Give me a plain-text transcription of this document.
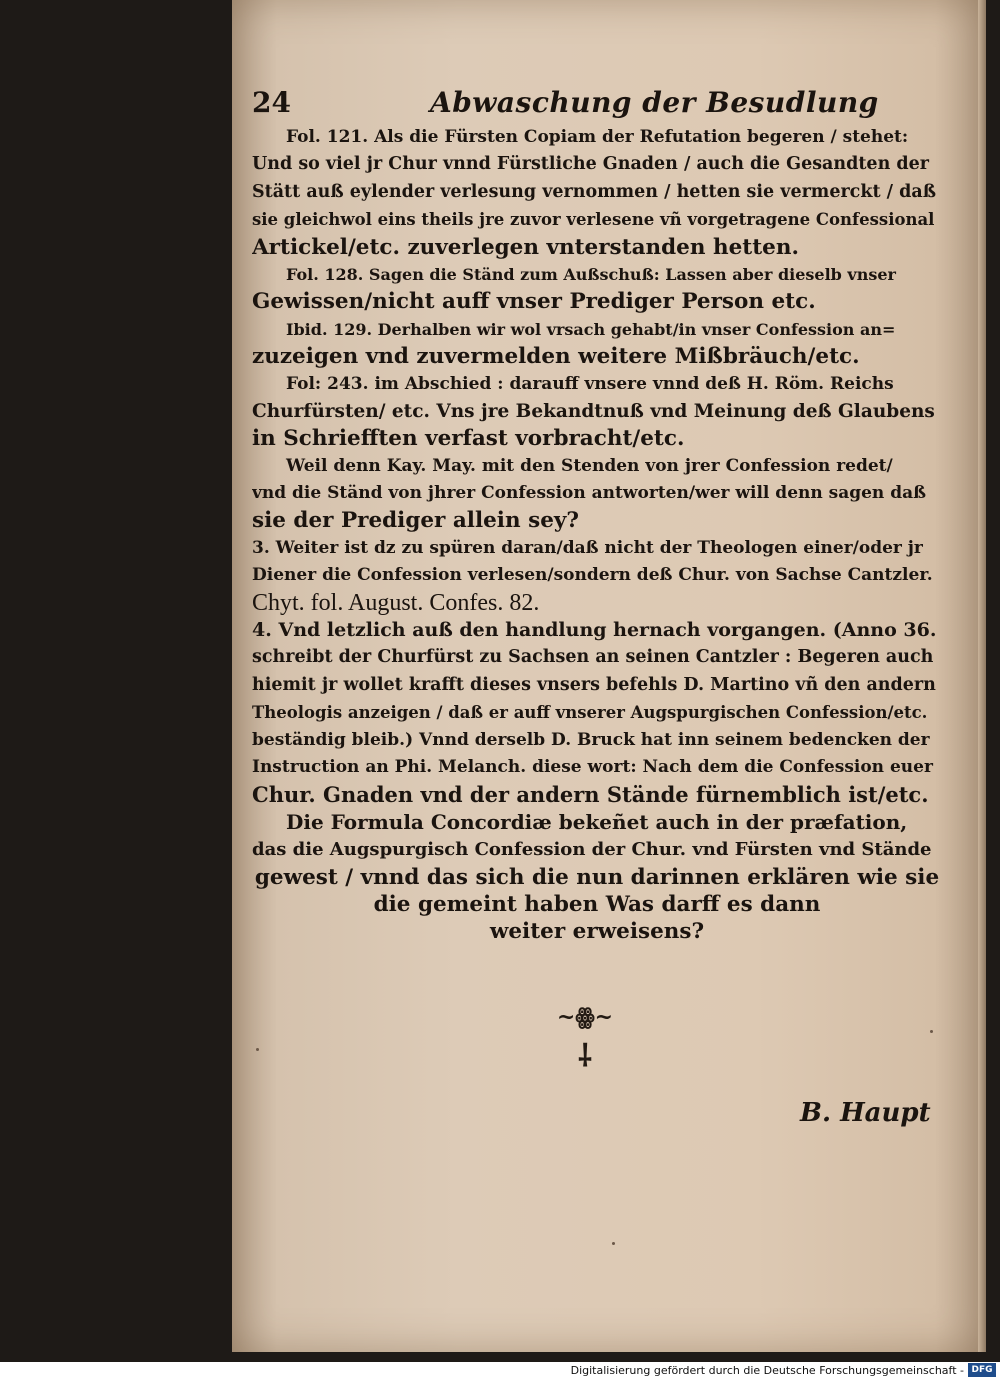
24	Abwaschung der Besudlung
Fol. 121. Als die Fürsten Copiam der Refutation begeren / stehet:
Und so viel jr Chur vnnd Fürstliche Gnaden / auch die Gesandten der
Stätt auß eylender verlesung vernommen / hetten sie vermerckt / daß
sie gleichwol eins theils jre zuvor verlesene vñ vorgetragene Confessional
Artickel/etc. zuverlegen vnterstanden hetten.
Fol. 128. Sagen die Ständ zum Außschuß: Lassen aber dieselb vnser
Gewissen/nicht auff vnser Prediger Person etc.
Ibid. 129. Derhalben wir wol vrsach gehabt/in vnser Confession an=
zuzeigen vnd zuvermelden weitere Mißbräuch/etc.
Fol: 243. im Abschied : darauff vnsere vnnd deß H. Röm. Reichs
Churfürsten/ etc. Vns jre Bekandtnuß vnd Meinung deß Glaubens
in Schriefften verfast vorbracht/etc.
Weil denn Kay. May. mit den Stenden von jrer Confession redet/
vnd die Ständ von jhrer Confession antworten/wer will denn sagen daß
sie der Prediger allein sey?
3. Weiter ist dz zu spüren daran/daß nicht der Theologen einer/oder jr
Diener die Confession verlesen/sondern deß Chur. von Sachse Cantzler.
Chyt. fol. August. Confes. 82.
4. Vnd letzlich auß den handlung hernach vorgangen. (Anno 36.
schreibt der Churfürst zu Sachsen an seinen Cantzler : Begeren auch
hiemit jr wollet krafft dieses vnsers befehls D. Martino vñ den andern
Theologis anzeigen / daß er auff vnserer Augspurgischen Confession/etc.
beständig bleib.) Vnnd derselb D. Bruck hat inn seinem bedencken der
Instruction an Phi. Melanch. diese wort: Nach dem die Confession euer
Chur. Gnaden vnd der andern Stände fürnemblich ist/etc.
Die Formula Concordiæ bekeñet auch in der præfation,
das die Augspurgisch Confession der Chur. vnd Fürsten vnd Stände
gewest / vnnd das sich die nun darinnen erklären wie sie
die gemeint haben Was darff es dann
weiter erweisens?
~ꙮ~
⸸
B. Haupt
Digitalisierung gefördert durch die Deutsche Forschungsgemeinschaft - DFG
